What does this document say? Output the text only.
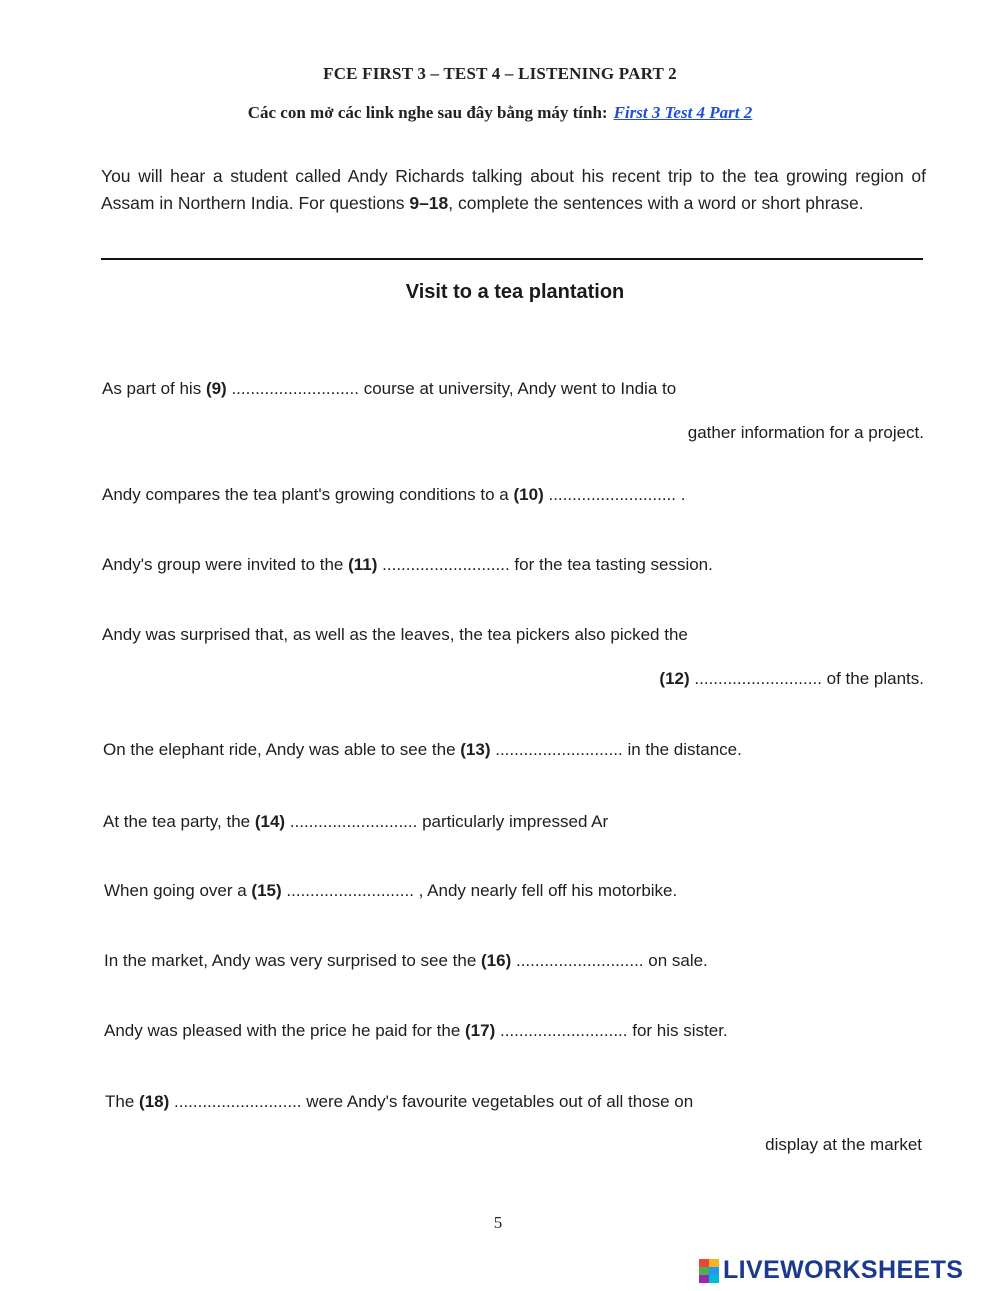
FCE FIRST 3 – TEST 4 – LISTENING PART 2
Các con mở các link nghe sau đây bằng máy tính: First 3 Test 4 Part 2
You will hear a student called Andy Richards talking about his recent trip to the tea growing region of Assam in Northern India. For questions 9–18, complete the sentences with a word or short phrase.
Visit to a tea plantation
As part of his (9) ........................... course at university, Andy went to India to
gather information for a project.
Andy compares the tea plant's growing conditions to a (10) ........................... .
Andy's group were invited to the (11) ........................... for the tea tasting session.
Andy was surprised that, as well as the leaves, the tea pickers also picked the
(12) ........................... of the plants.
On the elephant ride, Andy was able to see the (13) ........................... in the distance.
At the tea party, the (14) ........................... particularly impressed Ar
When going over a (15) ........................... , Andy nearly fell off his motorbike.
In the market, Andy was very surprised to see the (16) ........................... on sale.
Andy was pleased with the price he paid for the (17) ........................... for his sister.
The (18) ........................... were Andy's favourite vegetables out of all those on
display at the market
5
LIVEWORKSHEETS
